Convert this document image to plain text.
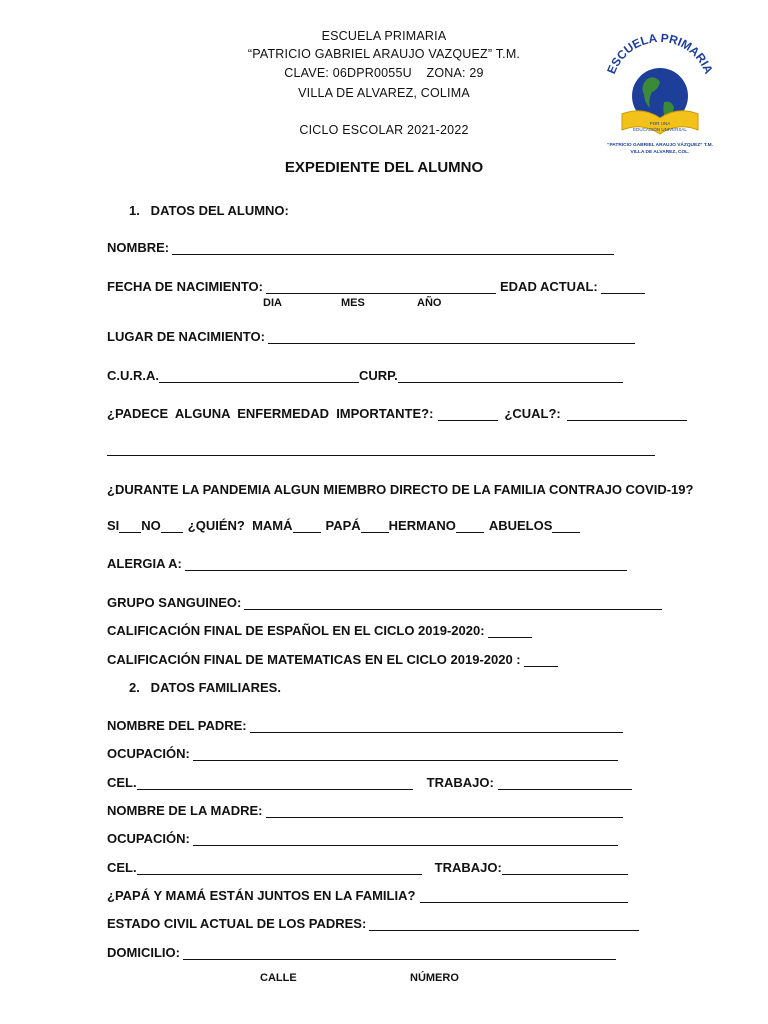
ESCUELA PRIMARIA
“PATRICIO GABRIEL ARAUJO VAZQUEZ” T.M.
CLAVE: 06DPR0055U    ZONA: 29
VILLA DE ALVAREZ, COLIMA
CICLO ESCOLAR 2021-2022
ESCUELA PRIMARIA
POR UNA
EDUCACIÓN UNIVERSAL
“PATRICIO GABRIEL ARAUJO VÁZQUEZ” T.M.
VILLA DE ALVAREZ, COL.
EXPEDIENTE DEL ALUMNO
1.   DATOS DEL ALUMNO:
NOMBRE:
FECHA DE NACIMIENTO:	EDAD ACTUAL:
DIA	MES	AÑO
LUGAR DE NACIMIENTO:
C.U.R.A.	CURP.
¿PADECE  ALGUNA  ENFERMEDAD  IMPORTANTE?:	¿CUAL?:
¿DURANTE LA PANDEMIA ALGUN MIEMBRO DIRECTO DE LA FAMILIA CONTRAJO COVID-19?
SI NO ¿QUIÉN?  MAMÁ	PAPÁ HERMANO	ABUELOS
ALERGIA A:
GRUPO SANGUINEO:
CALIFICACIÓN FINAL DE ESPAÑOL EN EL CICLO 2019-2020:
CALIFICACIÓN FINAL DE MATEMATICAS EN EL CICLO 2019-2020 :
2.   DATOS FAMILIARES.
NOMBRE DEL PADRE:
OCUPACIÓN:
CEL.	TRABAJO:
NOMBRE DE LA MADRE:
OCUPACIÓN:
CEL.	TRABAJO:
¿PAPÁ Y MAMÁ ESTÁN JUNTOS EN LA FAMILIA?
ESTADO CIVIL ACTUAL DE LOS PADRES:
DOMICILIO:
CALLE	NÚMERO
